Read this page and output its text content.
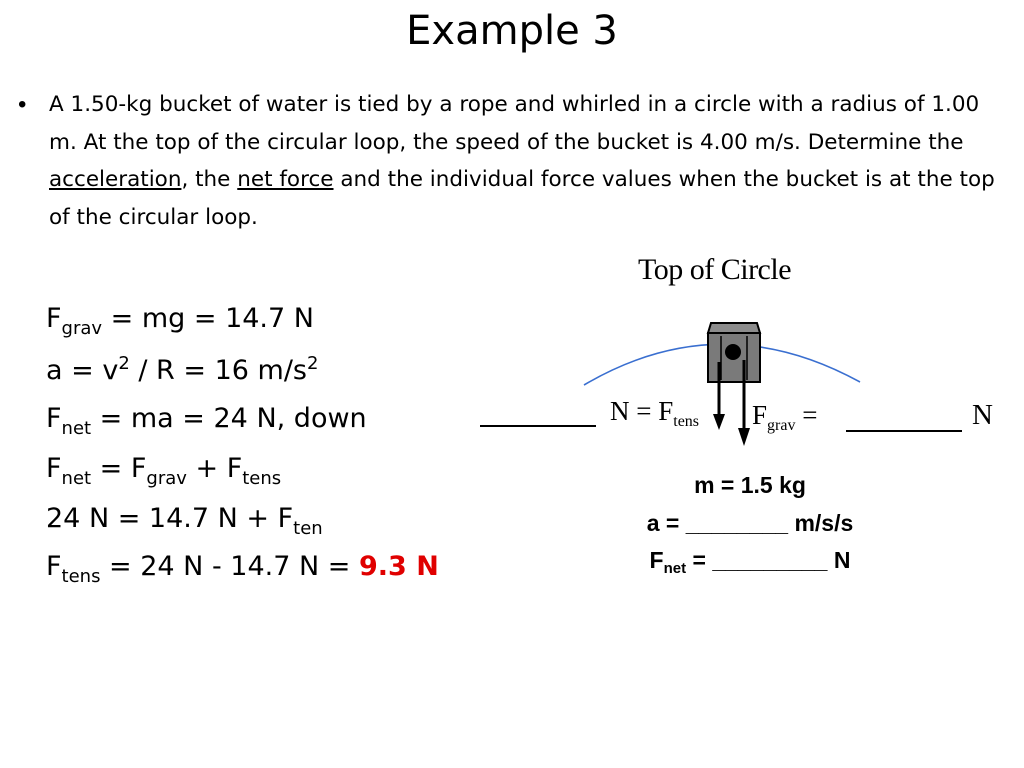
Example 3
• A 1.50-kg bucket of water is tied by a rope and whirled in a circle with a radius of 1.00 m. At the top of the circular loop, the speed of the bucket is 4.00 m/s. Determine the acceleration, the net force and the individual force values when the bucket is at the top of the circular loop.
$F_{grav}$ = mg = 14.7 N
$a = v^2 / R = 16$ $m/s^2$
$F_{net}$ = ma = 24 N, down
$F_{net} = F_{grav} + F_{tens}$
24 N = 14.7 $N + F_{ten}$
$F_{tens} = 24$ N - 14.7 N = 9.3 N
Top of Circle
$N = F_{tens}$ $F_{grav}$ =	N
m = 1.5 kg
a = ________ m/s/s
$F_{net}$ = _________ N
